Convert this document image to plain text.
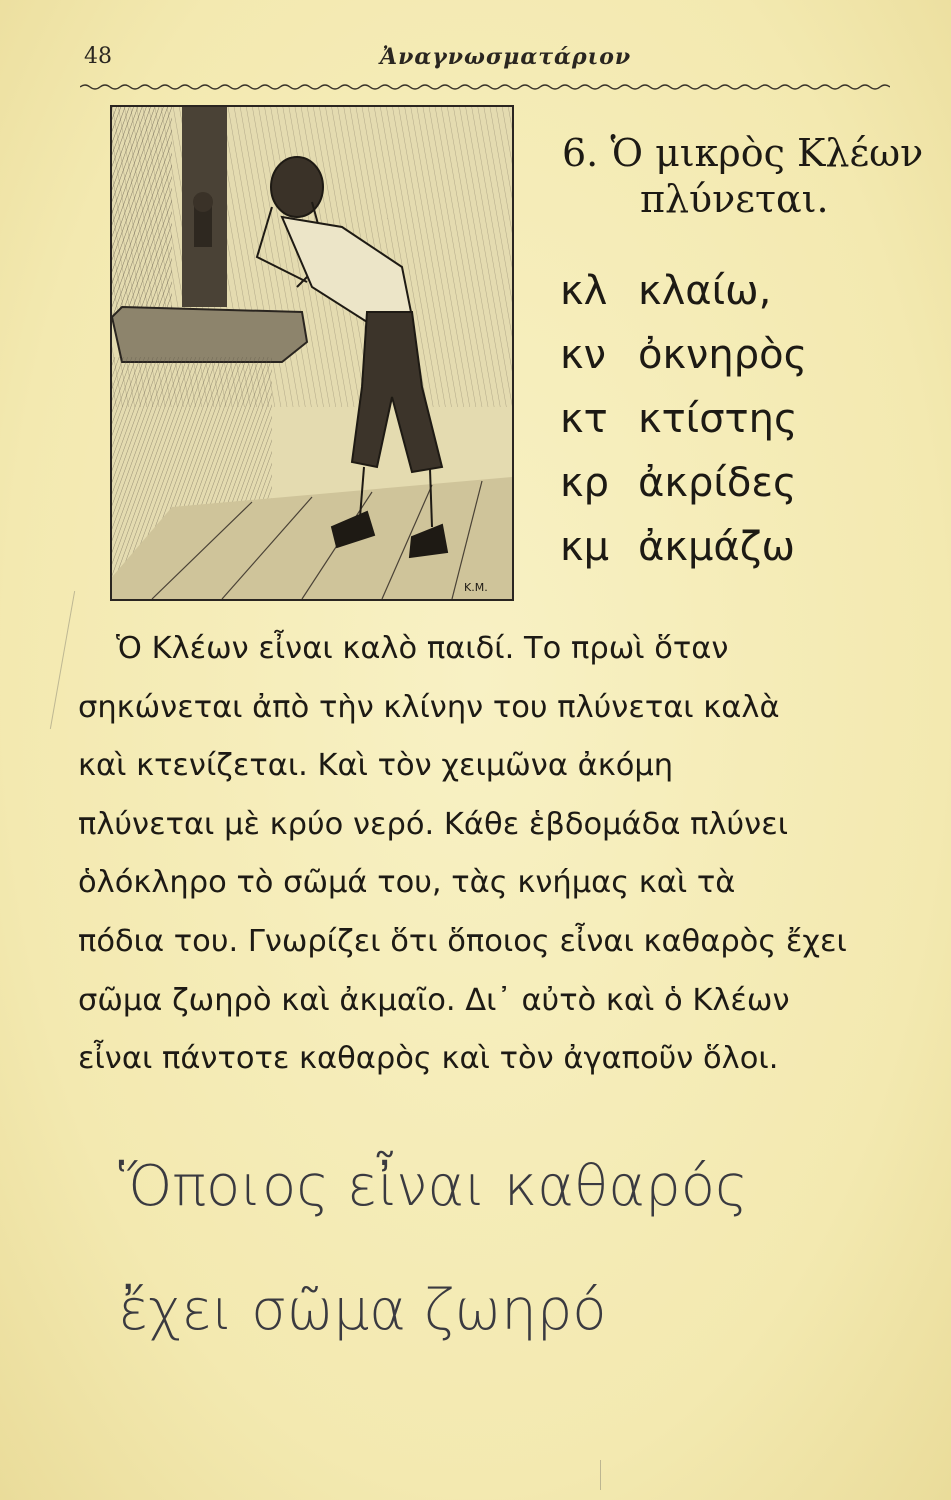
48	Ἀναγνωσματάριον
K.M.
6. Ὁ μικρὸς Κλέων
πλύνεται.
κλ κλαίω,
κν ὀκνηρὸς
κτ κτίστης
κρ ἀκρίδες
κμ ἀκμάζω
Ὁ Κλέων εἶναι καλὸ παιδί. Το πρωὶ ὅταν
σηκώνεται ἀπὸ τὴν κλίνην του πλύνεται καλὰ
καὶ κτενίζεται. Καὶ τὸν χειμῶνα ἀκόμη
πλύνεται μὲ κρύο νερό. Κάθε ἑβδομάδα πλύνει
ὁλόκληρο τὸ σῶμά του, τὰς κνήμας καὶ τὰ
πόδια του. Γνωρίζει ὅτι ὅποιος εἶναι καθαρὸς ἔχει
σῶμα ζωηρὸ καὶ ἀκμαῖο. Δι᾽ αὐτὸ καὶ ὁ Κλέων
εἶναι πάντοτε καθαρὸς καὶ τὸν ἀγαποῦν ὅλοι.
Ὅποιος εἶναι καθαρός
ἔχει σῶμα ζωηρό
